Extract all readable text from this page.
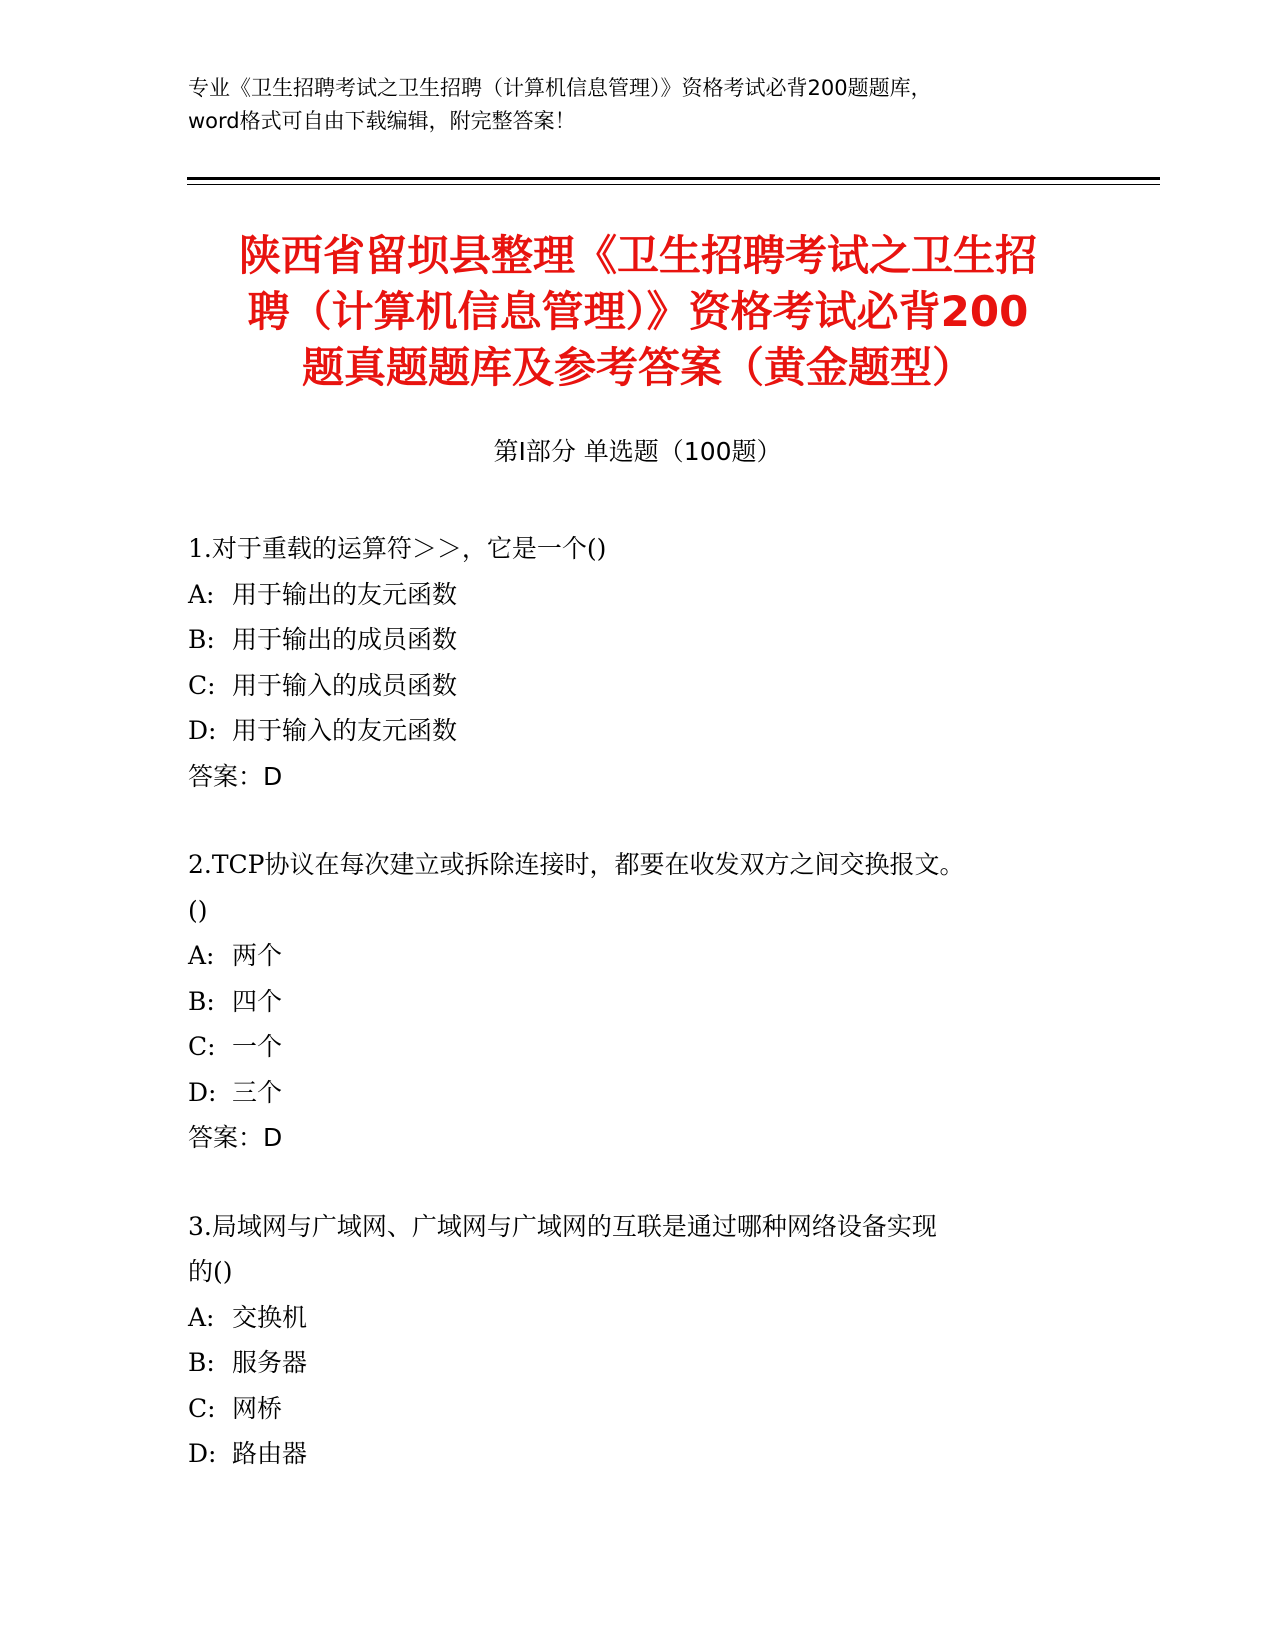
专业《卫生招聘考试之卫生招聘（计算机信息管理）》资格考试必背200题题库，
word格式可自由下载编辑，附完整答案！
陕西省留坝县整理《卫生招聘考试之卫生招
聘（计算机信息管理）》资格考试必背200
题真题题库及参考答案（黄金题型）
第Ⅰ部分 单选题（100题）
1.对于重载的运算符＞＞，它是一个()
A: 用于输出的友元函数
B: 用于输出的成员函数
C: 用于输入的成员函数
D: 用于输入的友元函数
答案：D
2.TCP协议在每次建立或拆除连接时，都要在收发双方之间交换报文。
()
A: 两个
B: 四个
C: 一个
D: 三个
答案：D
3.局域网与广域网、广域网与广域网的互联是通过哪种网络设备实现
的()
A: 交换机
B: 服务器
C: 网桥
D: 路由器
